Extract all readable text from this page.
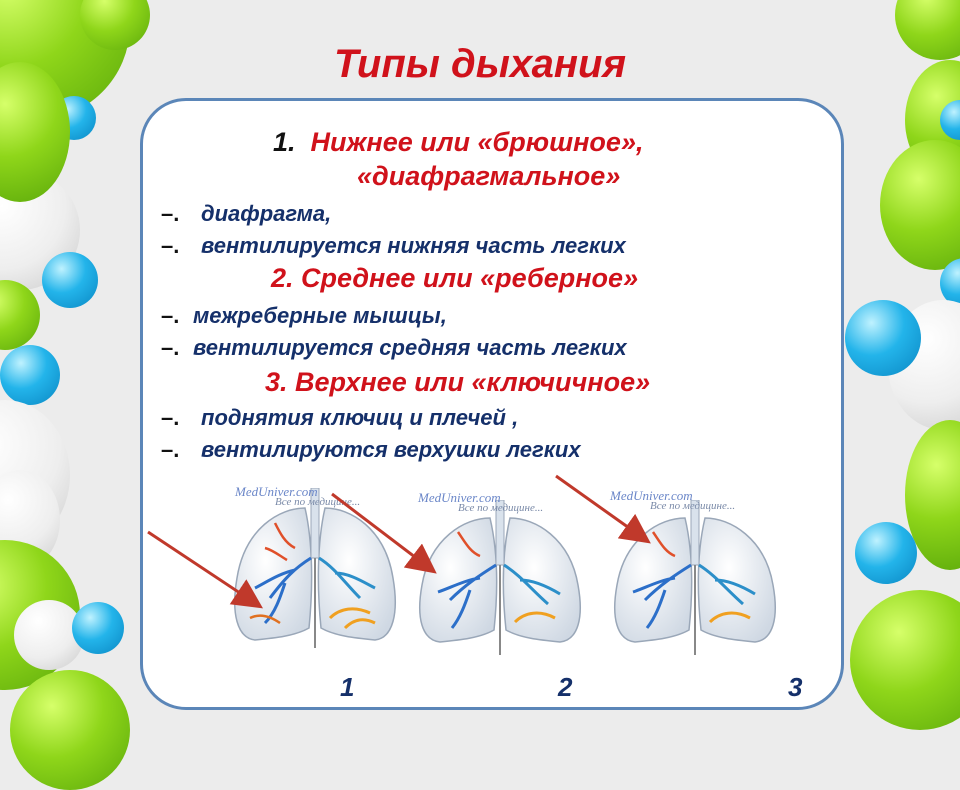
Типы дыхания
1. Нижнее или «брюшное»,
«диафрагмальное»
–. диафрагма,
–. вентилируется нижняя часть легких
2. Среднее или «реберное»
–. межреберные мышцы,
–. вентилируется средняя часть легких
3. Верхнее или «ключичное»
–. поднятия ключиц и плечей ,
–. вентилируются верхушки легких
MedUniver.com
Все по медицине...	MedUniver.com
Все по медицине...
MedUniver.com
Все по медицине...
1	2	3
